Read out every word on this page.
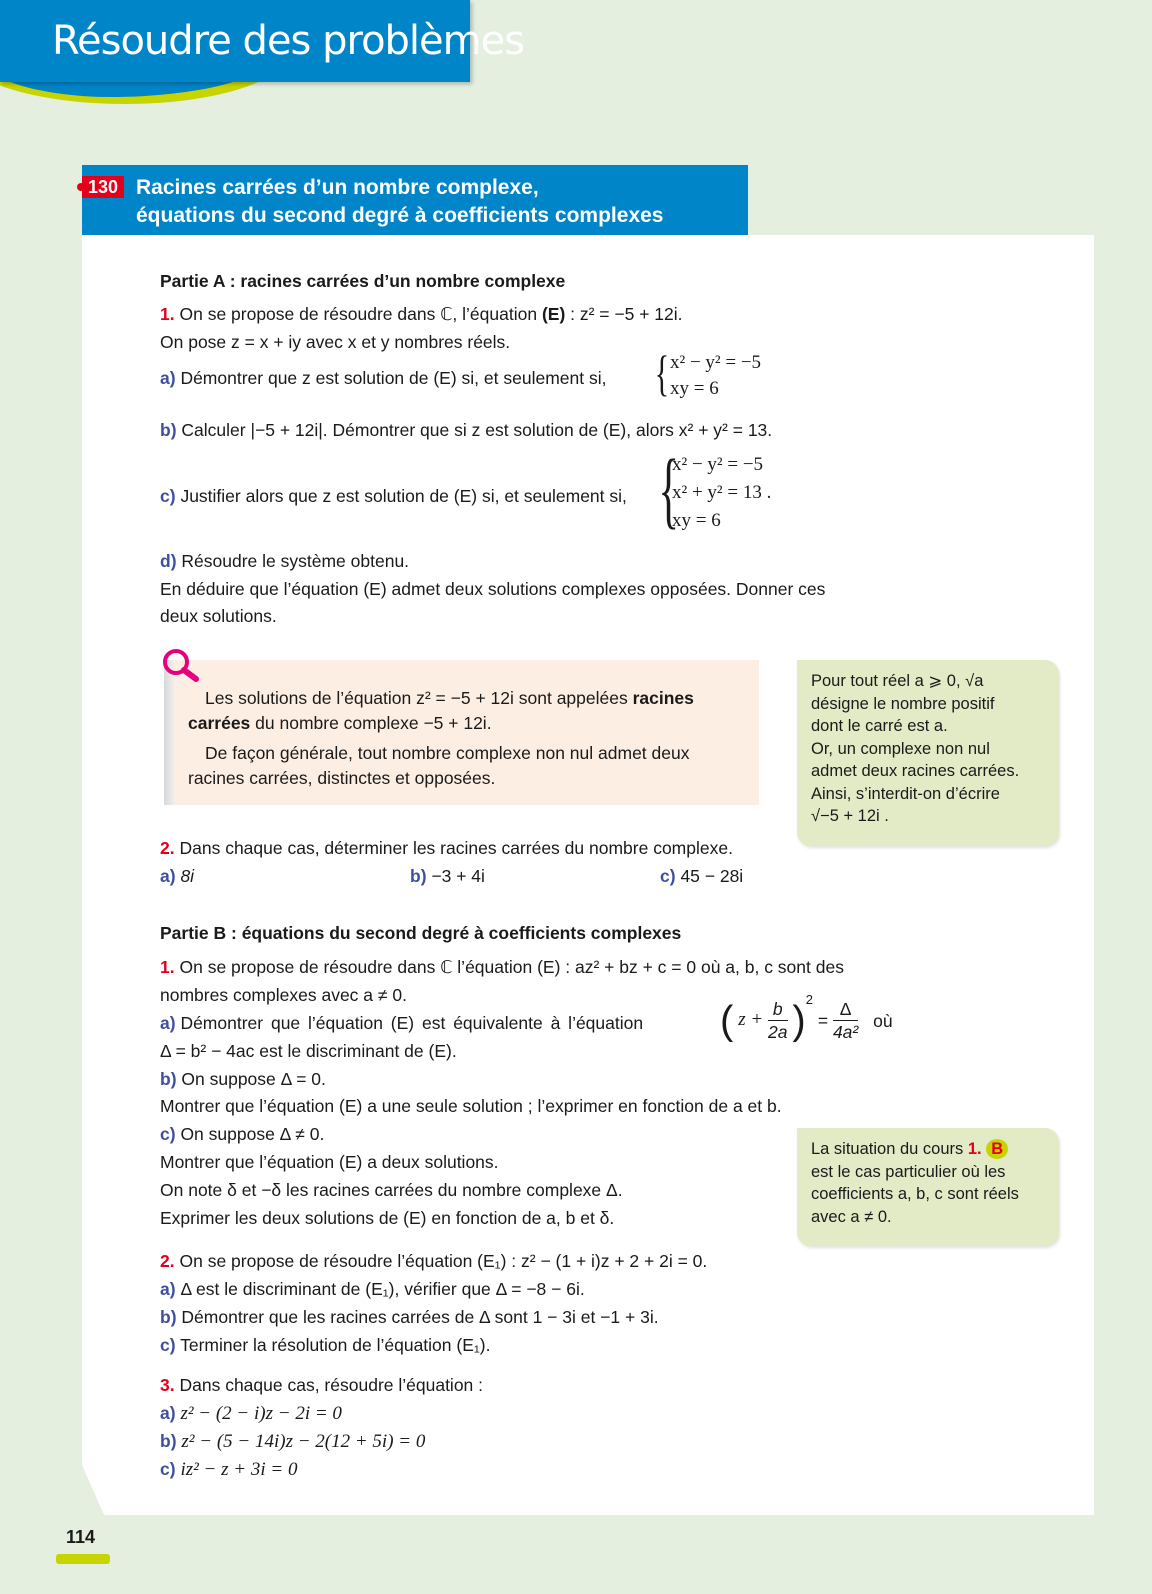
Résoudre des problèmes
130 Racines carrées d’un nombre complexe,
équations du second degré à coefficients complexes
Partie A : racines carrées d’un nombre complexe
1. On se propose de résoudre dans ℂ, l’équation (E) : z² = −5 + 12i.
On pose z = x + iy avec x et y nombres réels.
a) Démontrer que z est solution de (E) si, et seulement si, { x² − y² = −5
xy = 6
b) Calculer |−5 + 12i|. Démontrer que si z est solution de (E), alors x² + y² = 13.
c) Justifier alors que z est solution de (E) si, et seulement si, {
x² − y² = −5
x² + y² = 13 .
xy = 6
d) Résoudre le système obtenu.
En déduire que l’équation (E) admet deux solutions complexes opposées. Donner ces
deux solutions.
Les solutions de l’équation z² = −5 + 12i sont appelées racines
carrées du nombre complexe −5 + 12i.
De façon générale, tout nombre complexe non nul admet deux
racines carrées, distinctes et opposées.
Pour tout réel a ⩾ 0, √a
désigne le nombre positif
dont le carré est a.
Or, un complexe non nul
admet deux racines carrées.
Ainsi, s’interdit-on d’écrire
√−5 + 12i .
2. Dans chaque cas, déterminer les racines carrées du nombre complexe.
a) 8i	b) −3 + 4i	c) 45 − 28i
Partie B : équations du second degré à coefficients complexes
1. On se propose de résoudre dans ℂ l’équation (E) : az² + bz + c = 0 où a, b, c sont des
nombres complexes avec a ≠ 0.
a) Démontrer que l’équation (E) est équivalente à l’équation ( $z + \frac{b}{2a} )^2 = \frac{\Delta}{\text{4a²}}$ où
Δ = b² − 4ac est le discriminant de (E).
b) On suppose Δ = 0.
Montrer que l’équation (E) a une seule solution ; l’exprimer en fonction de a et b.
c) On suppose Δ ≠ 0.
Montrer que l’équation (E) a deux solutions.
On note δ et −δ les racines carrées du nombre complexe Δ.
Exprimer les deux solutions de (E) en fonction de a, b et δ.
La situation du cours 1. B
est le cas particulier où les
coefficients a, b, c sont réels
avec a ≠ 0.
2. On se propose de résoudre l’équation (E₁) : z² − (1 + i)z + 2 + 2i = 0.
a) Δ est le discriminant de (E₁), vérifier que Δ = −8 − 6i.
b) Démontrer que les racines carrées de Δ sont 1 − 3i et −1 + 3i.
c) Terminer la résolution de l’équation (E₁).
3. Dans chaque cas, résoudre l’équation :
a) z² − (2 − i)z − 2i = 0
b) z² − (5 − 14i)z − 2(12 + 5i) = 0
c) iz² − z + 3i = 0
114
